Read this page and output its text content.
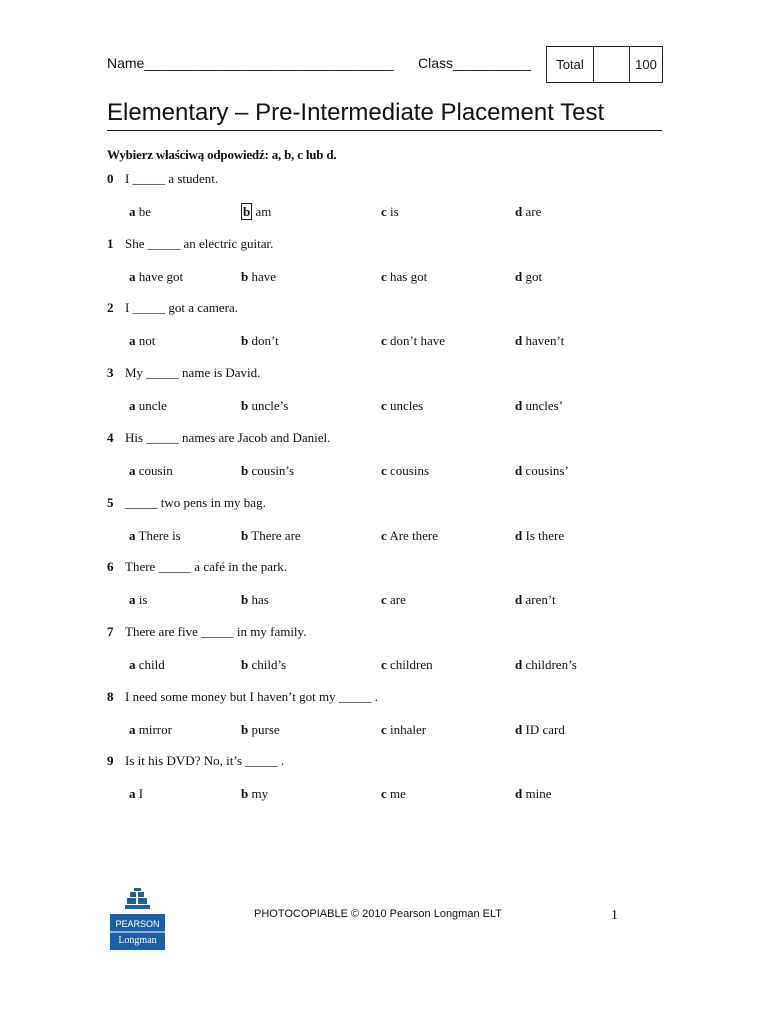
Name________________________________ Class__________	Total	100
Elementary – Pre-Intermediate Placement Test
Wybierz właściwą odpowiedź: a, b, c lub d.
0 I _____ a student.
a be	b am	c is	d are
1 She _____ an electric guitar.
a have got	b have	c has got	d got
2 I _____ got a camera.
a not	b don’t	c don’t have	d haven’t
3 My _____ name is David.
a uncle	b uncle’s	c uncles	d uncles’
4 His _____ names are Jacob and Daniel.
a cousin	b cousin’s	c cousins	d cousins’
5 _____ two pens in my bag.
a There is	b There are	c Are there	d Is there
6 There _____ a café in the park.
a is	b has	c are	d aren’t
7 There are five _____ in my family.
a child	b child’s	c children	d children’s
8 I need some money but I haven’t got my _____ .
a mirror	b purse	c inhaler	d ID card
9 Is it his DVD? No, it’s _____ .
a I	b my	c me	d mine
PEARSON
Longman
PHOTOCOPIABLE © 2010 Pearson Longman ELT	1
